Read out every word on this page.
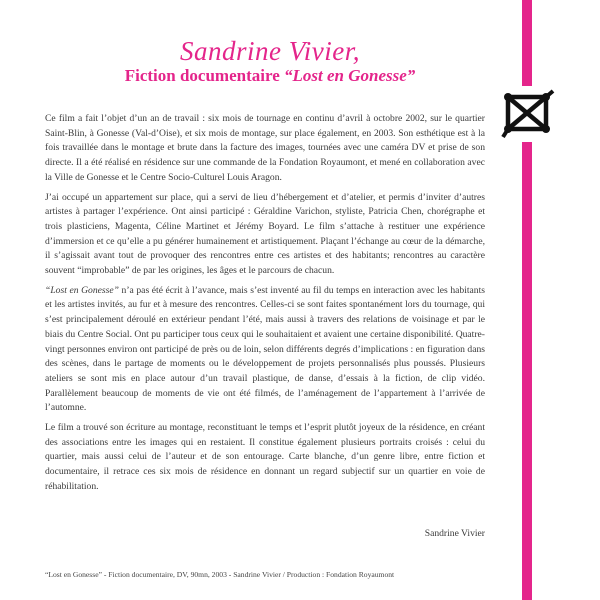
Sandrine Vivier,
Fiction documentaire “Lost en Gonesse”

Ce film a fait l’objet d’un an de travail : six mois de tournage en continu d’avril à octobre 2002, sur le quartier Saint-Blin, à Gonesse (Val-d’Oise), et six mois de montage, sur place également, en 2003. Son esthétique est à la fois travaillée dans le montage et brute dans la facture des images, tournées avec une caméra DV et prise de son directe. Il a été réalisé en résidence sur une commande de la Fondation Royaumont, et mené en collaboration avec la Ville de Gonesse et le Centre Socio-Culturel Louis Aragon.

J’ai occupé un appartement sur place, qui a servi de lieu d’hébergement et d’atelier, et permis d’inviter d’autres artistes à partager l’expérience. Ont ainsi participé : Géraldine Varichon, styliste, Patricia Chen, chorégraphe et trois plasticiens, Magenta, Céline Martinet et Jérémy Boyard. Le film s’attache à restituer une expérience d’immersion et ce qu’elle a pu générer humainement et artistiquement. Plaçant l’échange au cœur de la démarche, il s’agissait avant tout de provoquer des rencontres entre ces artistes et des habitants; rencontres au caractère souvent “improbable” de par les origines, les âges et le parcours de chacun.

“Lost en Gonesse” n’a pas été écrit à l’avance, mais s’est inventé au fil du temps en interaction avec les habitants et les artistes invités, au fur et à mesure des rencontres. Celles-ci se sont faites spontanément lors du tournage, qui s’est principalement déroulé en extérieur pendant l’été, mais aussi à travers des relations de voisinage et par le biais du Centre Social. Ont pu participer tous ceux qui le souhaitaient et avaient une certaine disponibilité. Quatre-vingt personnes environ ont participé de près ou de loin, selon différents degrés d’implications : en figuration dans des scènes, dans le partage de moments ou le développement de projets personnalisés plus poussés. Plusieurs ateliers se sont mis en place autour d’un travail plastique, de danse, d’essais à la fiction, de clip vidéo. Parallèlement beaucoup de moments de vie ont été filmés, de l’aménagement de l’appartement à l’arrivée de l’automne.

Le film a trouvé son écriture au montage, reconstituant le temps et l’esprit plutôt joyeux de la résidence, en créant des associations entre les images qui en restaient. Il constitue également plusieurs portraits croisés : celui du quartier, mais aussi celui de l’auteur et de son entourage. Carte blanche, d’un genre libre, entre fiction et documentaire, il retrace ces six mois de résidence en donnant un regard subjectif sur un quartier en voie de réhabilitation.

Sandrine Vivier
“Lost en Gonesse” - Fiction documentaire, DV, 90mn, 2003 - Sandrine Vivier / Production : Fondation Royaumont
